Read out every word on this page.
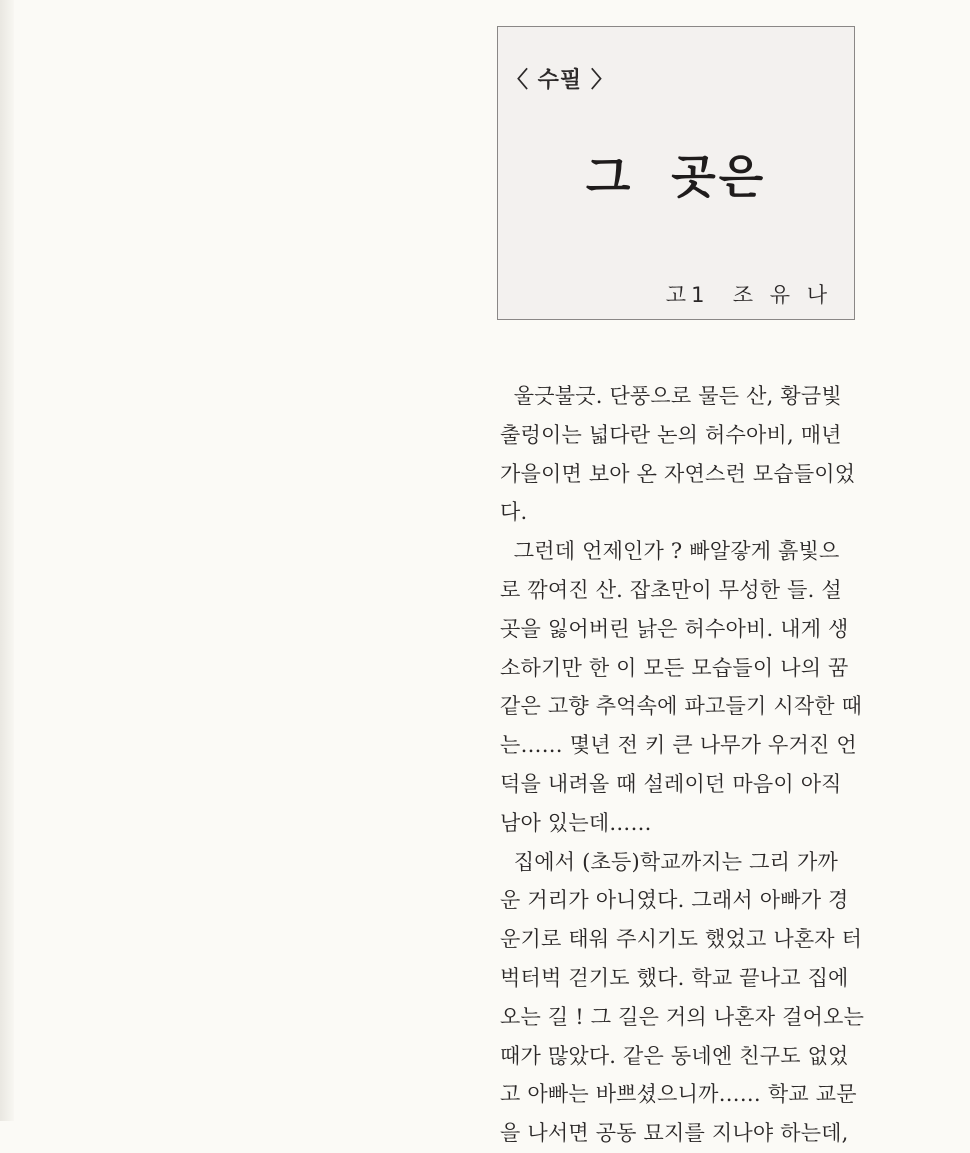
〈 수필 〉
그  곳은
고1  조 유 나
울긋불긋. 단풍으로 물든 산, 황금빛
출렁이는 넓다란 논의 허수아비, 매년
가을이면 보아 온 자연스런 모습들이었
다.
그런데 언제인가 ? 빠알갛게 흙빛으
로 깎여진 산. 잡초만이 무성한 들. 설
곳을 잃어버린 낡은 허수아비. 내게 생
소하기만 한 이 모든 모습들이 나의 꿈
같은 고향 추억속에 파고들기 시작한 때
는…… 몇년 전 키 큰 나무가 우거진 언
덕을 내려올 때 설레이던 마음이 아직
남아 있는데……
집에서 (초등)학교까지는 그리 가까
운 거리가 아니였다. 그래서 아빠가 경
운기로 태워 주시기도 했었고 나혼자 터
벅터벅 걷기도 했다. 학교 끝나고 집에
오는 길 ! 그 길은 거의 나혼자 걸어오는
때가 많았다. 같은 동네엔 친구도 없었
고 아빠는 바쁘셨으니까…… 학교 교문
을 나서면 공동 묘지를 지나야 하는데,
